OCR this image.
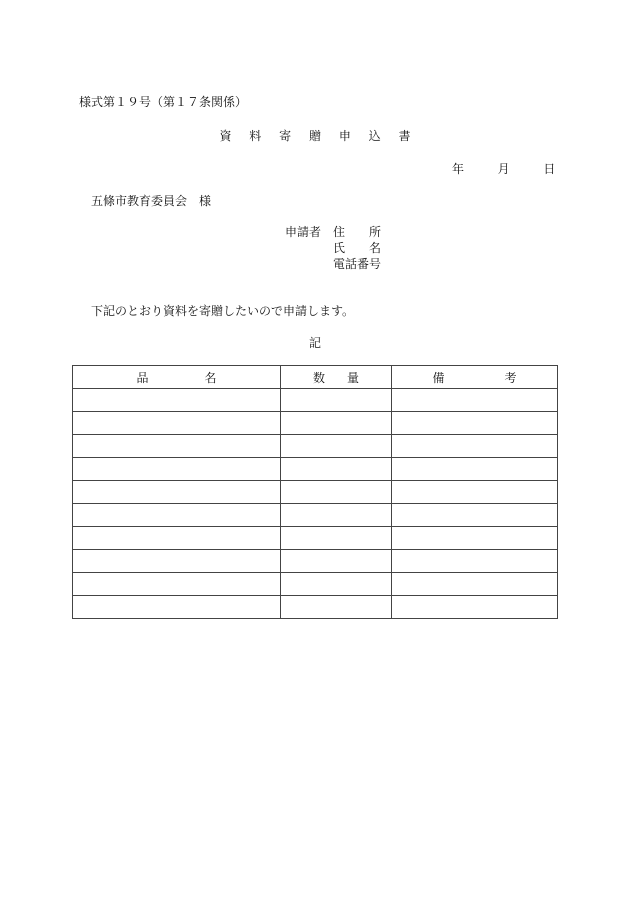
様式第１９号（第１７条関係）
資 料 寄 贈 申 込 書
年	月	日
五條市教育委員会　様
申請者 住所
氏名
電話番号
下記のとおり資料を寄贈したいので申請します。
記
品名	数量	備考
